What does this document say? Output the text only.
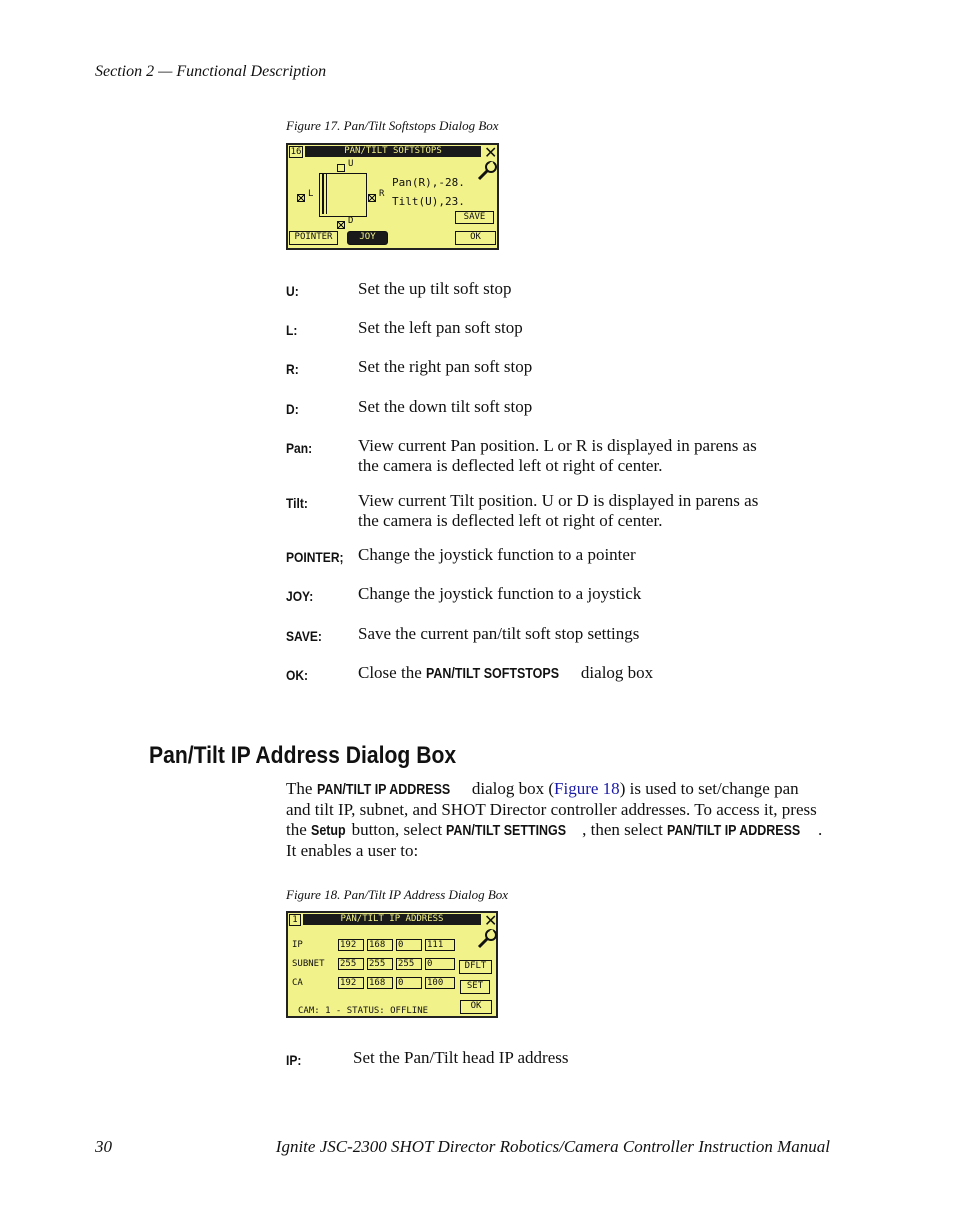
Section 2 — Functional Description
Figure 17. Pan/Tilt Softstops Dialog Box
16	PAN/TILT SOFTSTOPS	✕
U
L	R
D
Pan(R),-28.
Tilt(U),23.
SAVE
POINTER	JOY	OK
U:	Set the up tilt soft stop
L:	Set the left pan soft stop
R:	Set the right pan soft stop
D:	Set the down tilt soft stop
Pan:	View current Pan position. L or R is displayed in parens as the camera is deflected left ot right of center.
Tilt:	View current Tilt position. U or D is displayed in parens as the camera is deflected left ot right of center.
POINTER; Change the joystick function to a pointer
JOY:	Change the joystick function to a joystick
SAVE: Save the current pan/tilt soft stop settings
OK:	Close the PAN/TILT SOFTSTOPS dialog box
Pan/Tilt IP Address Dialog Box
The PAN/TILT IP ADDRESS dialog box (Figure 18) is used to set/change pan and tilt IP, subnet, and SHOT Director controller addresses. To access it, press the Setup button, select PAN/TILT SETTINGS , then select PAN/TILT IP ADDRESS . It enables a user to:
Figure 18. Pan/Tilt IP Address Dialog Box
1	PAN/TILT IP ADDRESS	✕
IP	192	168	0	111
SUBNET 255	255	255	0
CA	192	168	0	100
DFLT
SET
OK
CAM: 1 - STATUS: OFFLINE
IP:	Set the Pan/Tilt head IP address
30	Ignite JSC-2300 SHOT Director Robotics/Camera Controller Instruction Manual
